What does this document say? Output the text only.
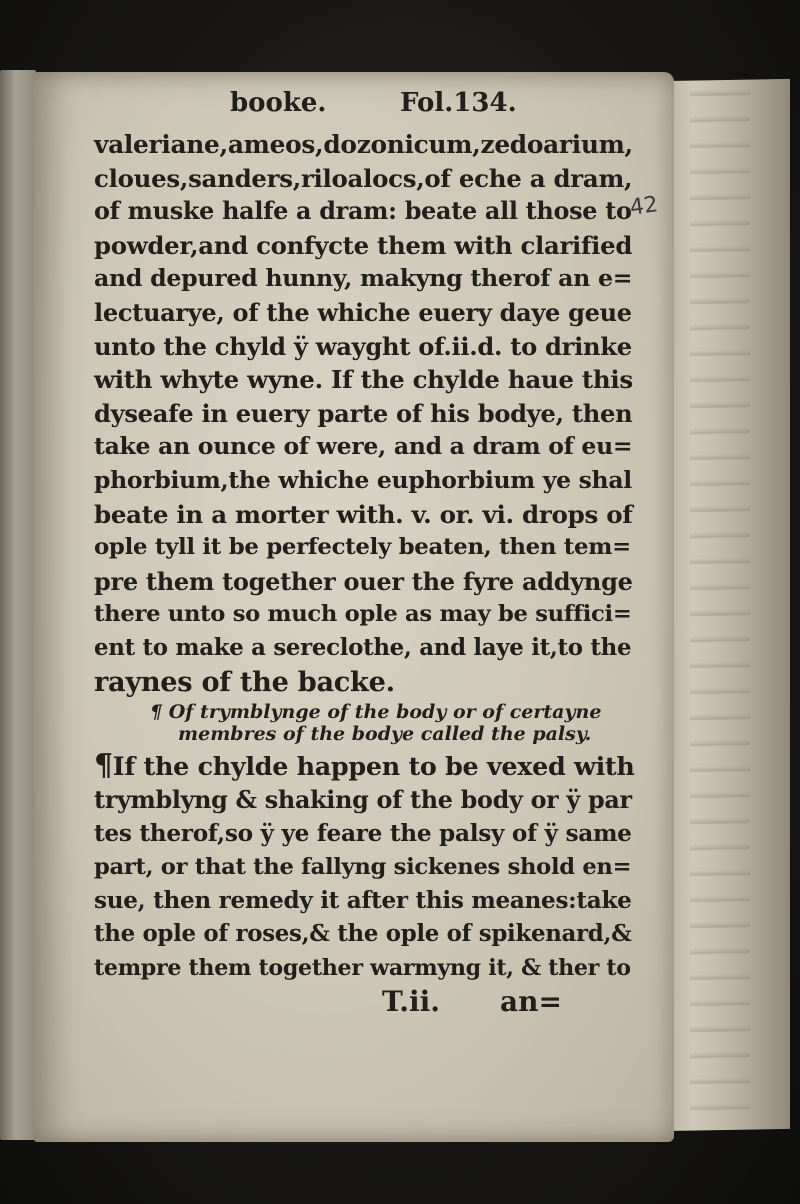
42
booke.	Fol.134.
valeriane,ameos,dozonicum,zedoarium,
cloues,sanders,riloalocs,of eche a dram,
of muske halfe a dram: beate all those to
powder,and confycte them with clarified
and depured hunny, makyng therof an e=
lectuarye, of the whiche euery daye geue
unto the chyld ÿ wayght of.ii.d. to drinke
with whyte wyne. If the chylde haue this
dyseafe in euery parte of his bodye, then
take an ounce of were, and a dram of eu=
phorbium,the whiche euphorbium ye shal
beate in a morter with. v. or. vi. drops of
ople tyll it be perfectely beaten, then tem=
pre them together ouer the fyre addynge
there unto so much ople as may be suffici=
ent to make a sereclothe, and laye it,to the
raynes of the backe.
¶ Of trymblynge of the body or of certayne
membres of the bodye called the palsy.
¶If the chylde happen to be vexed with
trymblyng & shaking of the body or ÿ par
tes therof,so ÿ ye feare the palsy of ÿ same
part, or that the fallyng sickenes shold en=
sue, then remedy it after this meanes:take
the ople of roses,& the ople of spikenard,&
tempre them together warmyng it, & ther to
T.ii. an=
